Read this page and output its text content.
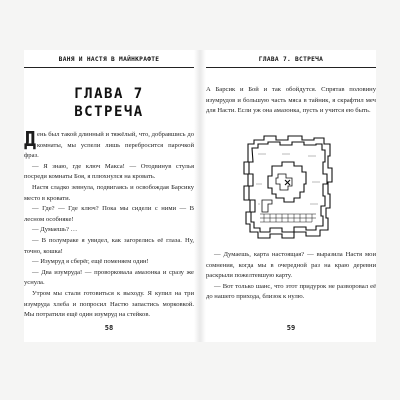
ВАНЯ И НАСТЯ В МАЙНКРАФТЕ
ГЛАВА 7
ВСТРЕЧА

День был такой длинный и тяжёлый, что, добравшись до комнаты, мы успели лишь перебросится парочкой фраз.

— Я знаю, где ключ Макса! — Отодвинув стулья посреди комнаты Боя, я плюхнулся на кровать.

Настя сладко зевнула, подвигаясь и освобождая Барсику место в кровати.

— Где? — Где ключ? Пока мы сидели с ними — В лесном особняке!

— Думаешь? …

— В полумраке я увидел, как загорелись её глаза. Ну, точно, кошка!

— Изумруд я сберёг, ещё поменяем один!

— Два изумруда! — проворковала амазонка и сразу же уснула.

Утром мы стали готовиться к выходу. Я купил на три изумруда хлеба и попросил Настю запастись морковкой. Мы потратили ещё один изумруд на стейков.

58
ГЛАВА 7. ВСТРЕЧА

А Барсик и Бой и так обойдутся. Спрятав половину изумрудов и большую часть мяса в тайник, я скрафтил меч для Насти. Если уж она амазонка, пусть и учится ею быть.

— Думаешь, карта настоящая? — выразила Настя мои сомнения, когда мы в очередной раз на краю деревни раскрыли пожелтевшую карту.

— Вот только шанс, что этот придурок не разворовал её до нашего прихода, близок к нулю.

59
